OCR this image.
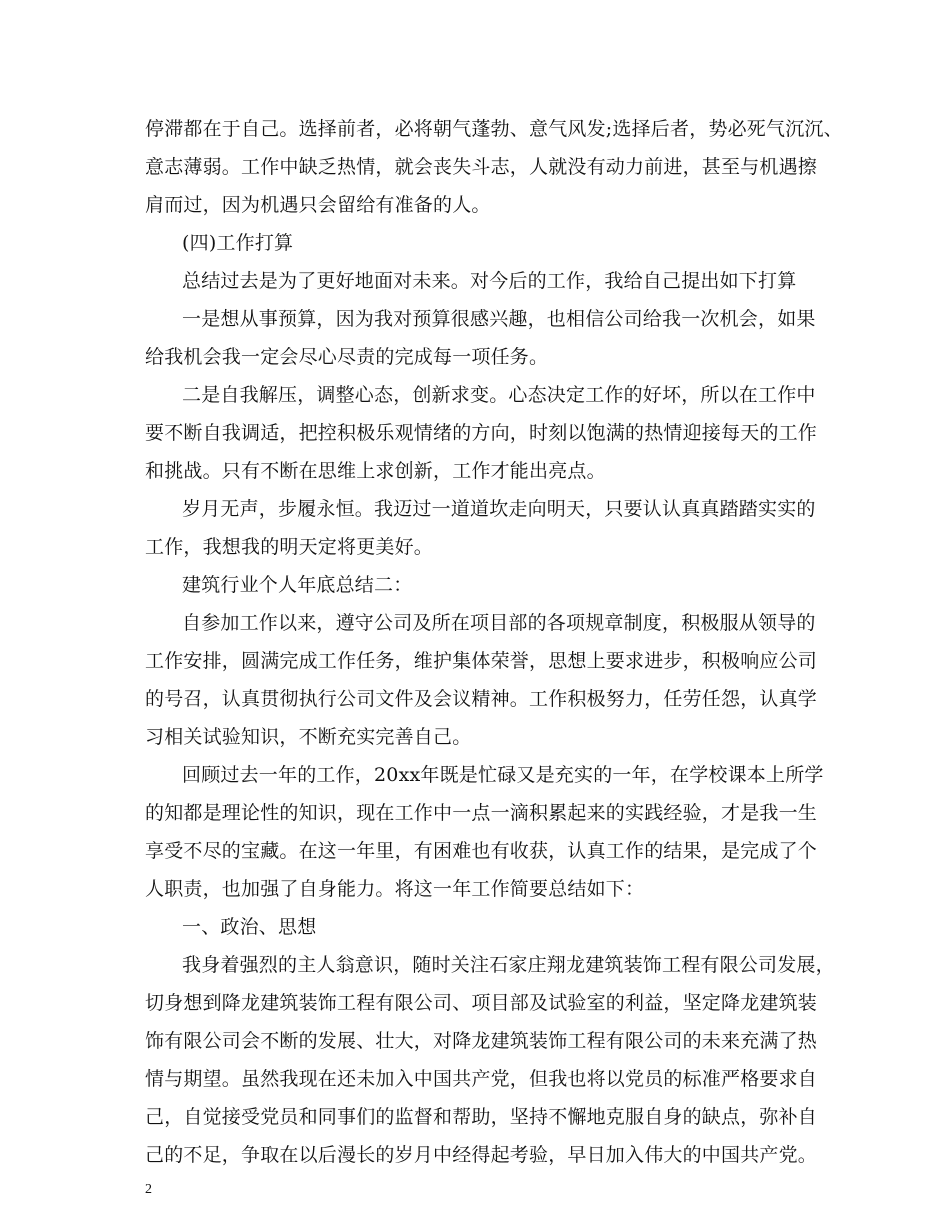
停滞都在于自己。选择前者，必将朝气蓬勃、意气风发;选择后者，势必死气沉沉、
意志薄弱。工作中缺乏热情，就会丧失斗志，人就没有动力前进，甚至与机遇擦
肩而过，因为机遇只会留给有准备的人。
(四)工作打算
总结过去是为了更好地面对未来。对今后的工作，我给自己提出如下打算
一是想从事预算，因为我对预算很感兴趣，也相信公司给我一次机会，如果
给我机会我一定会尽心尽责的完成每一项任务。
二是自我解压，调整心态，创新求变。心态决定工作的好坏，所以在工作中
要不断自我调适，把控积极乐观情绪的方向，时刻以饱满的热情迎接每天的工作
和挑战。只有不断在思维上求创新，工作才能出亮点。
岁月无声，步履永恒。我迈过一道道坎走向明天，只要认认真真踏踏实实的
工作，我想我的明天定将更美好。
建筑行业个人年底总结二：
自参加工作以来，遵守公司及所在项目部的各项规章制度，积极服从领导的
工作安排，圆满完成工作任务，维护集体荣誉，思想上要求进步，积极响应公司
的号召，认真贯彻执行公司文件及会议精神。工作积极努力，任劳任怨，认真学
习相关试验知识，不断充实完善自己。
回顾过去一年的工作，20xx年既是忙碌又是充实的一年，在学校课本上所学
的知都是理论性的知识，现在工作中一点一滴积累起来的实践经验，才是我一生
享受不尽的宝藏。在这一年里，有困难也有收获，认真工作的结果，是完成了个
人职责，也加强了自身能力。将这一年工作简要总结如下：
一、政治、思想
我身着强烈的主人翁意识，随时关注石家庄翔龙建筑装饰工程有限公司发展，
切身想到降龙建筑装饰工程有限公司、项目部及试验室的利益，坚定降龙建筑装
饰有限公司会不断的发展、壮大，对降龙建筑装饰工程有限公司的未来充满了热
情与期望。虽然我现在还未加入中国共产党，但我也将以党员的标准严格要求自
己，自觉接受党员和同事们的监督和帮助，坚持不懈地克服自身的缺点，弥补自
己的不足，争取在以后漫长的岁月中经得起考验，早日加入伟大的中国共产党。
2
